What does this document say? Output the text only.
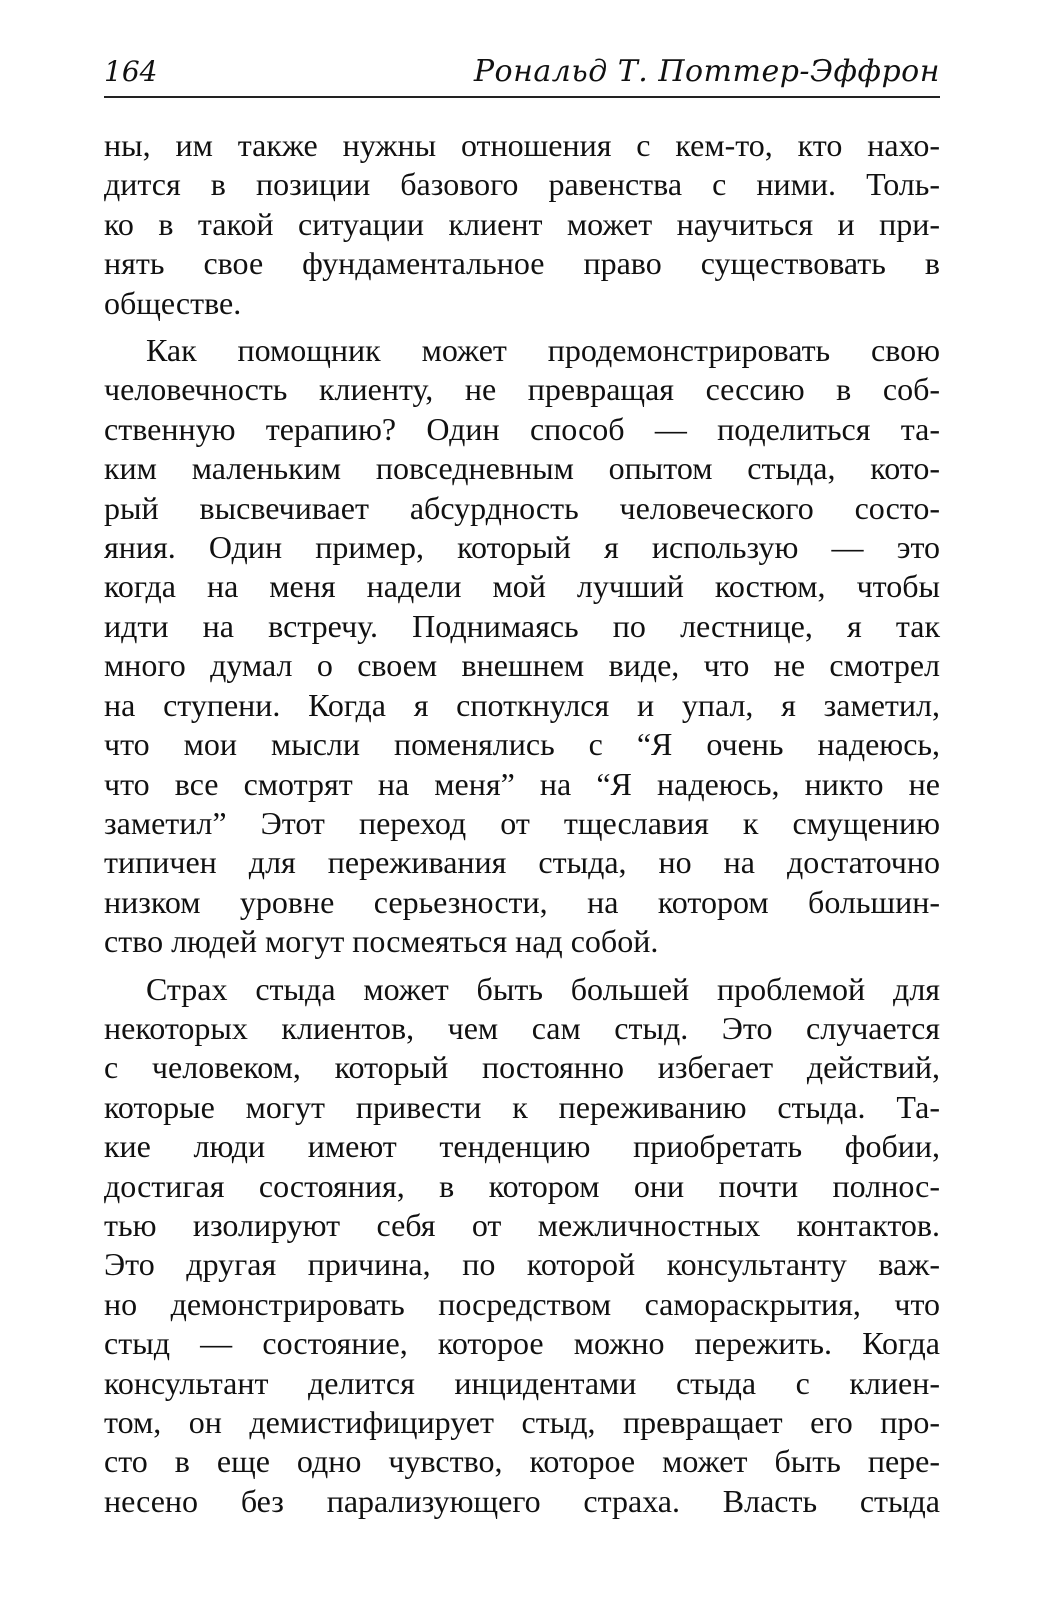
164	Рональд Т. Поттер-Эффрон

ны, им также нужны отношения с кем-то, кто нахо-
дится в позиции базового равенства с ними. Толь-
ко в такой ситуации клиент может научиться и при-
нять свое фундаментальное право существовать в
обществе.

Как помощник может продемонстрировать свою
человечность клиенту, не превращая сессию в соб-
ственную терапию? Один способ — поделиться та-
ким маленьким повседневным опытом стыда, кото-
рый высвечивает абсурдность человеческого состо-
яния. Один пример, который я использую — это
когда на меня надели мой лучший костюм, чтобы
идти на встречу. Поднимаясь по лестнице, я так
много думал о своем внешнем виде, что не смотрел
на ступени. Когда я споткнулся и упал, я заметил,
что мои мысли поменялись с “Я очень надеюсь,
что все смотрят на меня” на “Я надеюсь, никто не
заметил” Этот переход от тщеславия к смущению
типичен для переживания стыда, но на достаточно
низком уровне серьезности, на котором большин-
ство людей могут посмеяться над собой.

Страх стыда может быть большей проблемой для
некоторых клиентов, чем сам стыд. Это случается
с человеком, который постоянно избегает действий,
которые могут привести к переживанию стыда. Та-
кие люди имеют тенденцию приобретать фобии,
достигая состояния, в котором они почти полнос-
тью изолируют себя от межличностных контактов.
Это другая причина, по которой консультанту важ-
но демонстрировать посредством самораскрытия, что
стыд — состояние, которое можно пережить. Когда
консультант делится инцидентами стыда с клиен-
том, он демистифицирует стыд, превращает его про-
сто в еще одно чувство, которое может быть пере-
несено без парализующего страха. Власть стыда
